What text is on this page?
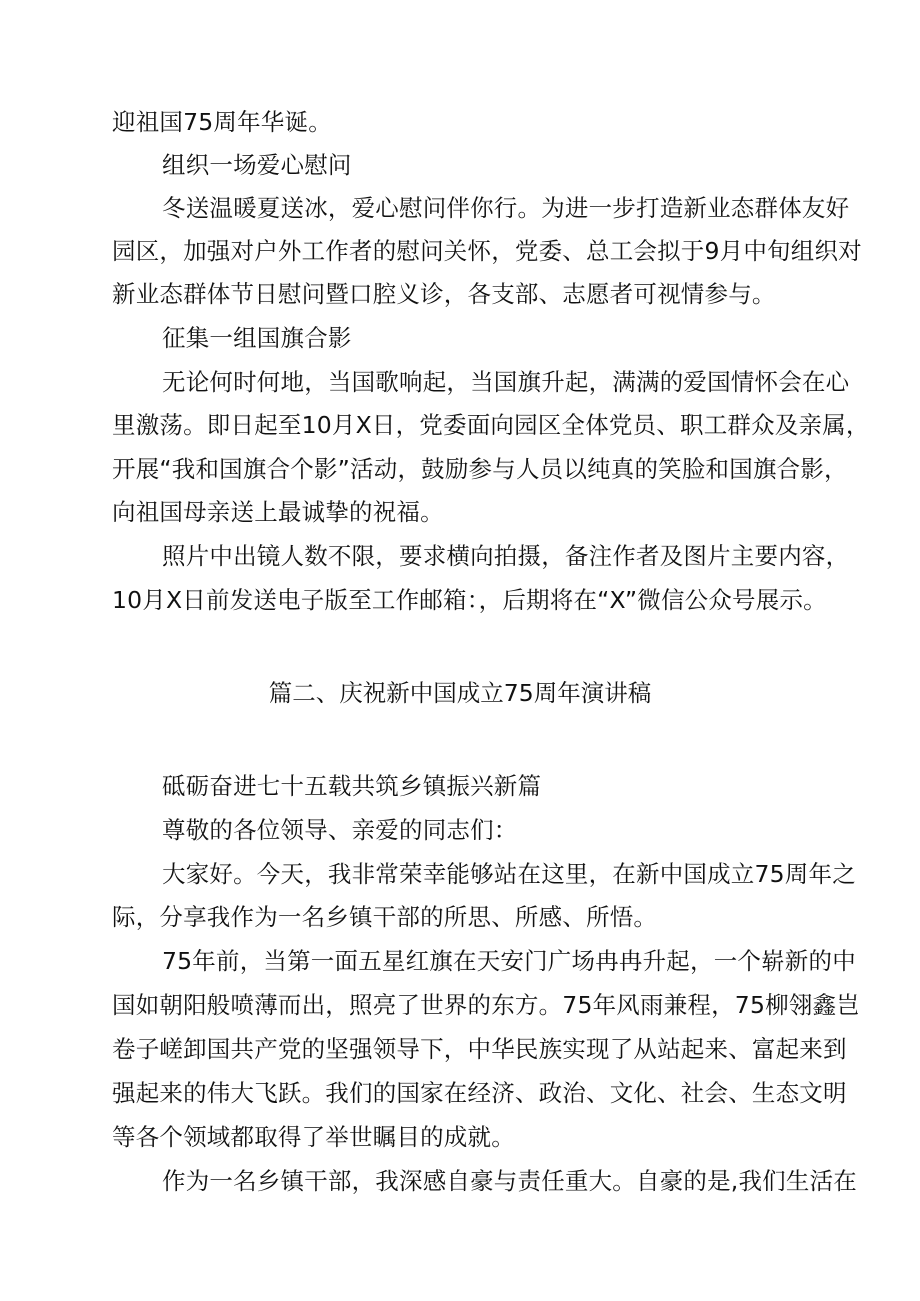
迎祖国75周年华诞。
组织一场爱心慰问
冬送温暖夏送冰，爱心慰问伴你行。为进一步打造新业态群体友好
园区，加强对户外工作者的慰问关怀，党委、总工会拟于9月中旬组织对
新业态群体节日慰问暨口腔义诊，各支部、志愿者可视情参与。
征集一组国旗合影
无论何时何地，当国歌响起，当国旗升起，满满的爱国情怀会在心
里激荡。即日起至10月X日，党委面向园区全体党员、职工群众及亲属，
开展“我和国旗合个影”活动，鼓励参与人员以纯真的笑脸和国旗合影，
向祖国母亲送上最诚挚的祝福。
照片中出镜人数不限，要求横向拍摄，备注作者及图片主要内容，
10月X日前发送电子版至工作邮箱：，后期将在“X”微信公众号展示。
篇二、庆祝新中国成立75周年演讲稿
砥砺奋进七十五载共筑乡镇振兴新篇
尊敬的各位领导、亲爱的同志们：
大家好。今天，我非常荣幸能够站在这里，在新中国成立75周年之
际，分享我作为一名乡镇干部的所思、所感、所悟。
75年前，当第一面五星红旗在天安门广场冉冉升起，一个崭新的中
国如朝阳般喷薄而出，照亮了世界的东方。75年风雨兼程，75柳翎鑫岂
卷子嵯卸国共产党的坚强领导下，中华民族实现了从站起来、富起来到
强起来的伟大飞跃。我们的国家在经济、政治、文化、社会、生态文明
等各个领域都取得了举世瞩目的成就。
作为一名乡镇干部，我深感自豪与责任重大。自豪的是,我们生活在
